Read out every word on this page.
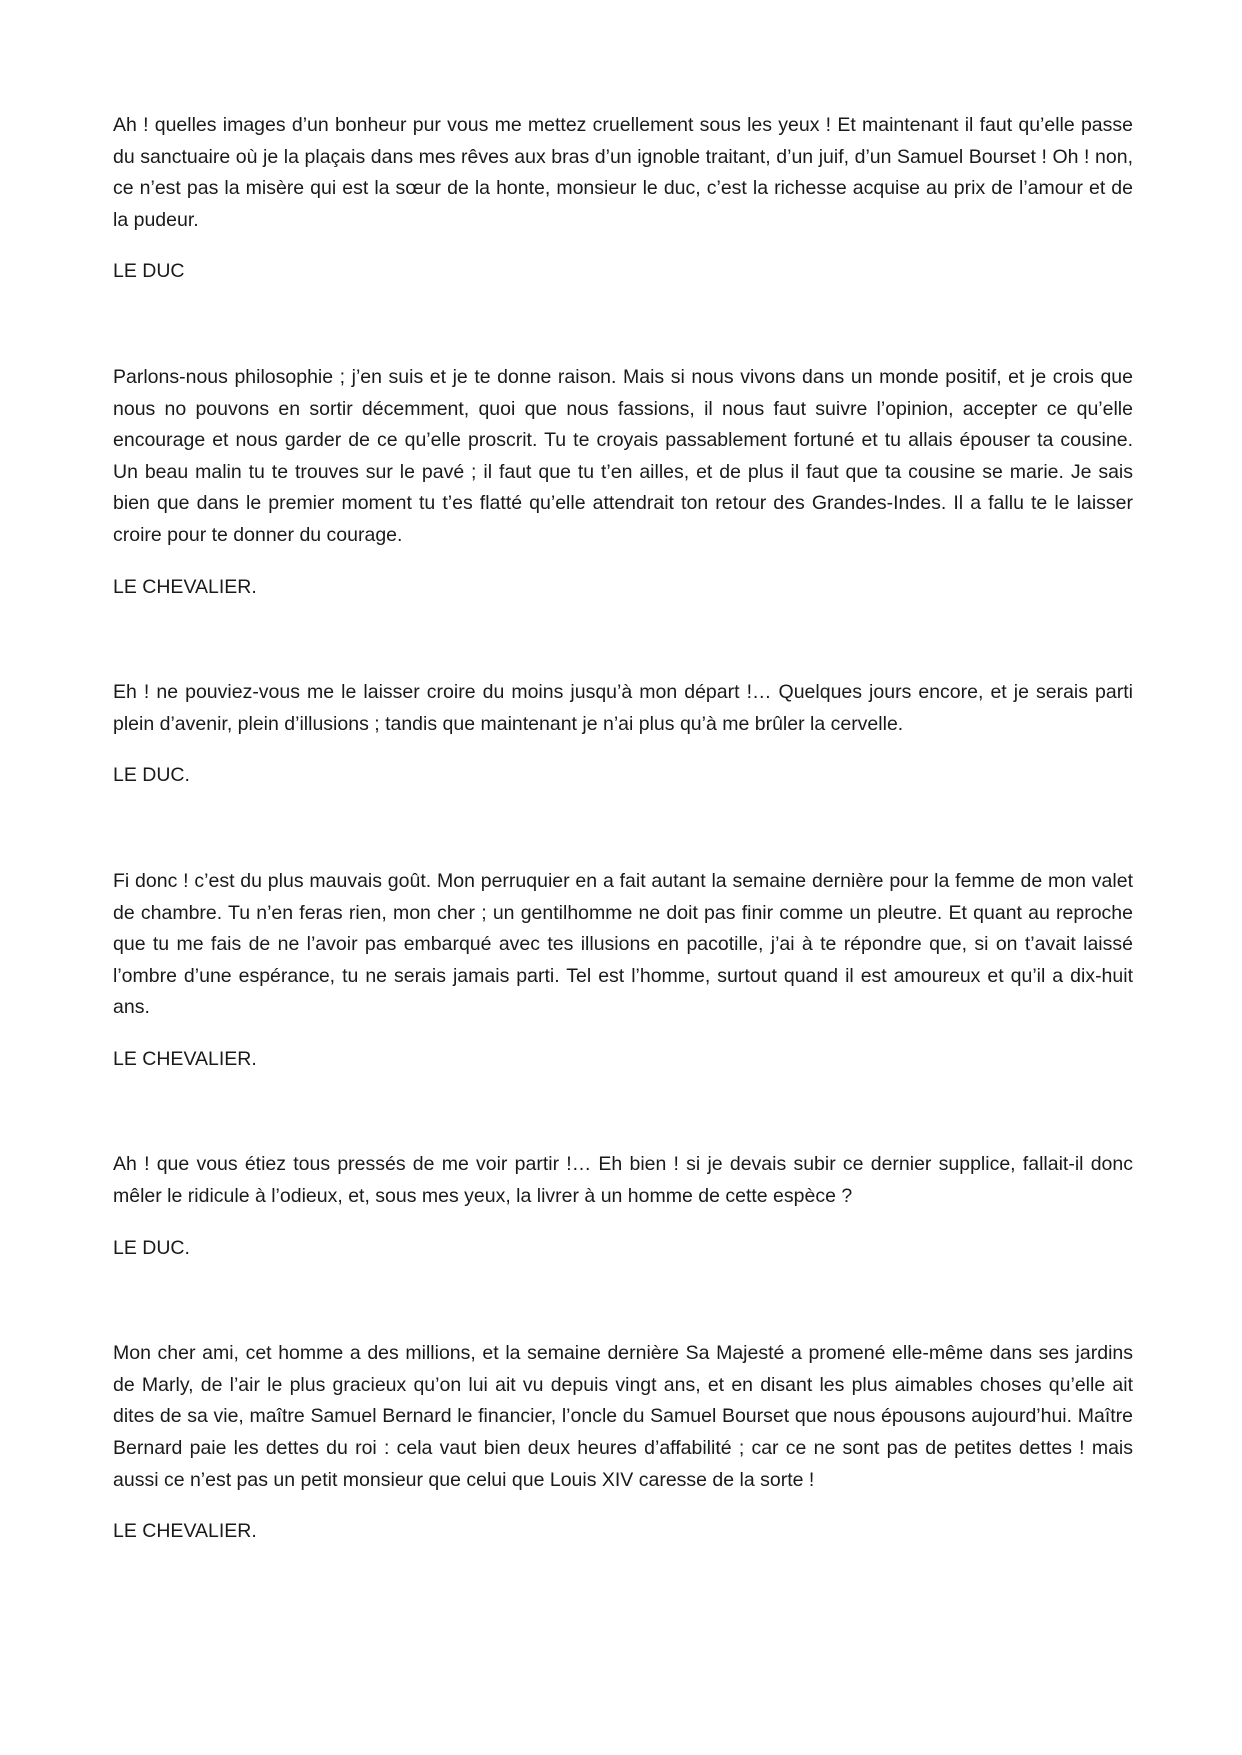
Ah ! quelles images d’un bonheur pur vous me mettez cruellement sous les yeux ! Et maintenant il faut qu’elle passe du sanctuaire où je la plaçais dans mes rêves aux bras d’un ignoble traitant, d’un juif, d’un Samuel Bourset ! Oh ! non, ce n’est pas la misère qui est la sœur de la honte, monsieur le duc, c’est la richesse acquise au prix de l’amour et de la pudeur.

LE DUC

Parlons-nous philosophie ; j’en suis et je te donne raison. Mais si nous vivons dans un monde positif, et je crois que nous no pouvons en sortir décemment, quoi que nous fassions, il nous faut suivre l’opinion, accepter ce qu’elle encourage et nous garder de ce qu’elle proscrit. Tu te croyais passablement fortuné et tu allais épouser ta cousine. Un beau malin tu te trouves sur le pavé ; il faut que tu t’en ailles, et de plus il faut que ta cousine se marie. Je sais bien que dans le premier moment tu t’es flatté qu’elle attendrait ton retour des Grandes-Indes. Il a fallu te le laisser croire pour te donner du courage.

LE CHEVALIER.

Eh ! ne pouviez-vous me le laisser croire du moins jusqu’à mon départ !… Quelques jours encore, et je serais parti plein d’avenir, plein d’illusions ; tandis que maintenant je n’ai plus qu’à me brûler la cervelle.

LE DUC.

Fi donc ! c’est du plus mauvais goût. Mon perruquier en a fait autant la semaine dernière pour la femme de mon valet de chambre. Tu n’en feras rien, mon cher ; un gentilhomme ne doit pas finir comme un pleutre. Et quant au reproche que tu me fais de ne l’avoir pas embarqué avec tes illusions en pacotille, j’ai à te répondre que, si on t’avait laissé l’ombre d’une espérance, tu ne serais jamais parti. Tel est l’homme, surtout quand il est amoureux et qu’il a dix-huit ans.

LE CHEVALIER.

Ah ! que vous étiez tous pressés de me voir partir !… Eh bien ! si je devais subir ce dernier supplice, fallait-il donc mêler le ridicule à l’odieux, et, sous mes yeux, la livrer à un homme de cette espèce ?

LE DUC.

Mon cher ami, cet homme a des millions, et la semaine dernière Sa Majesté a promené elle-même dans ses jardins de Marly, de l’air le plus gracieux qu’on lui ait vu depuis vingt ans, et en disant les plus aimables choses qu’elle ait dites de sa vie, maître Samuel Bernard le financier, l’oncle du Samuel Bourset que nous épousons aujourd’hui. Maître Bernard paie les dettes du roi : cela vaut bien deux heures d’affabilité ; car ce ne sont pas de petites dettes ! mais aussi ce n’est pas un petit monsieur que celui que Louis XIV caresse de la sorte !

LE CHEVALIER.
